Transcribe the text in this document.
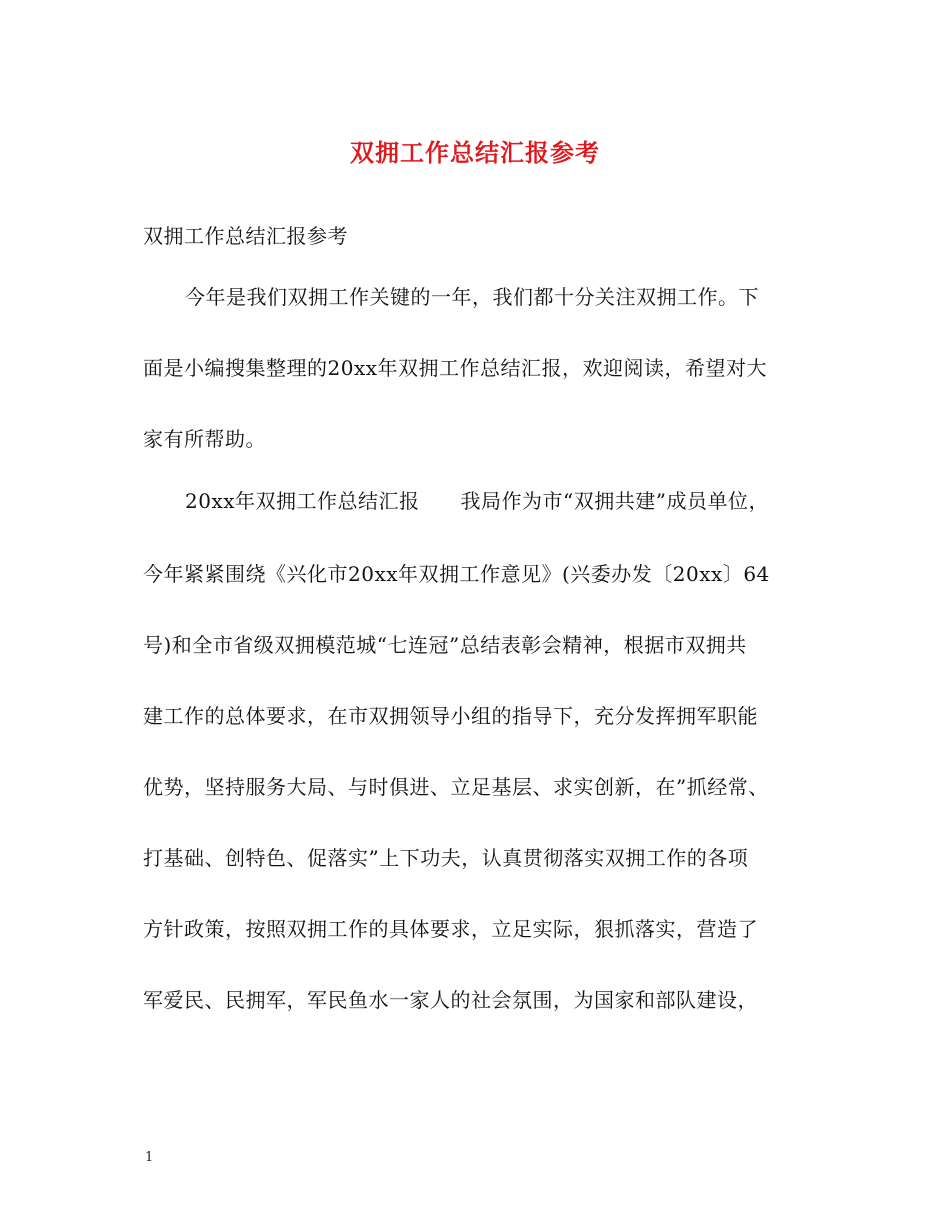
双拥工作总结汇报参考
双拥工作总结汇报参考
今年是我们双拥工作关键的一年，我们都十分关注双拥工作。下
面是小编搜集整理的20xx年双拥工作总结汇报，欢迎阅读，希望对大
家有所帮助。
20xx年双拥工作总结汇报　　我局作为市“双拥共建”成员单位，
今年紧紧围绕《兴化市20xx年双拥工作意见》(兴委办发〔20xx〕64
号)和全市省级双拥模范城“七连冠”总结表彰会精神，根据市双拥共
建工作的总体要求，在市双拥领导小组的指导下，充分发挥拥军职能
优势，坚持服务大局、与时俱进、立足基层、求实创新，在”抓经常、
打基础、创特色、促落实”上下功夫，认真贯彻落实双拥工作的各项
方针政策，按照双拥工作的具体要求，立足实际，狠抓落实，营造了
军爱民、民拥军，军民鱼水一家人的社会氛围，为国家和部队建设，
1
